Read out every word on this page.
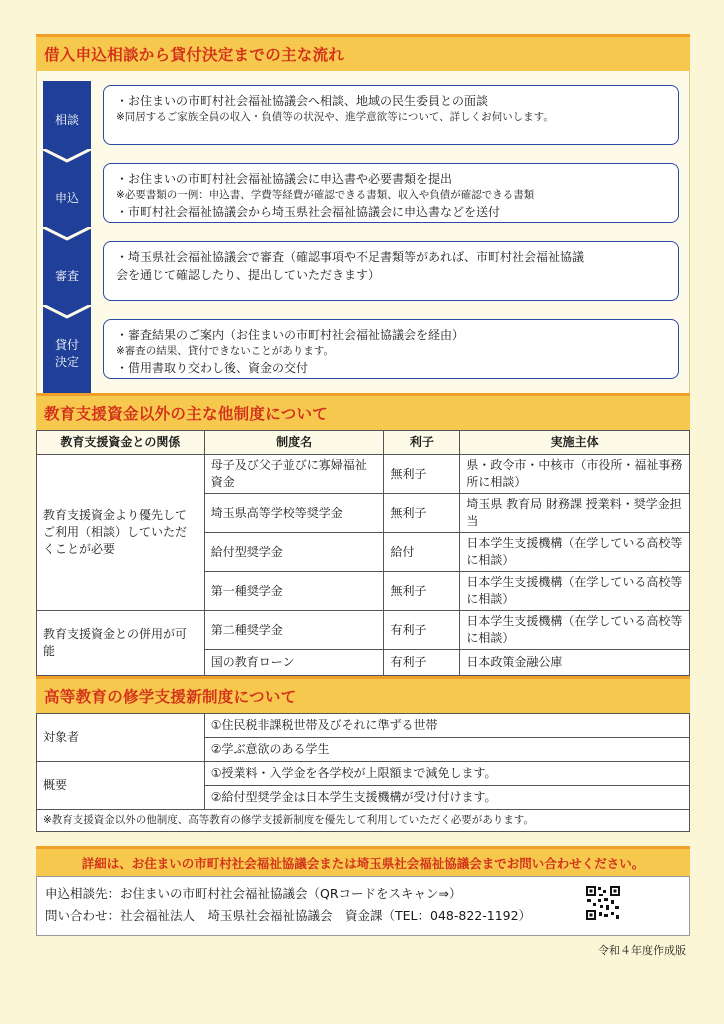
借入申込相談から貸付決定までの主な流れ
相談
・お住まいの市町村社会福祉協議会へ相談、地域の民生委員との面談
※同居するご家族全員の収入・負債等の状況や、進学意欲等について、詳しくお伺いします。
申込
・お住まいの市町村社会福祉協議会に申込書や必要書類を提出
※必要書類の一例：申込書、学費等経費が確認できる書類、収入や負債が確認できる書類
・市町村社会福祉協議会から埼玉県社会福祉協議会に申込書などを送付
審査
・埼玉県社会福祉協議会で審査（確認事項や不足書類等があれば、市町村社会福祉協議
会を通じて確認したり、提出していただきます）
貸付
決定
・審査結果のご案内（お住まいの市町村社会福祉協議会を経由）
※審査の結果、貸付できないことがあります。
・借用書取り交わし後、資金の交付
教育支援資金以外の主な他制度について
教育支援資金との関係	制度名	利子	実施主体
教育支援資金より優先してご利用（相談）していただくことが必要	母子及び父子並びに寡婦福祉資金	無利子	県・政令市・中核市（市役所・福祉事務所に相談）
	埼玉県高等学校等奨学金	無利子	埼玉県 教育局 財務課 授業料・奨学金担当
	給付型奨学金	給付	日本学生支援機構（在学している高校等に相談）
	第一種奨学金	無利子	日本学生支援機構（在学している高校等に相談）
教育支援資金との併用が可能	第二種奨学金	有利子	日本学生支援機構（在学している高校等に相談）
	国の教育ローン	有利子	日本政策金融公庫
高等教育の修学支援新制度について
対象者	①住民税非課税世帯及びそれに準ずる世帯
	②学ぶ意欲のある学生
概要	①授業料・入学金を各学校が上限額まで減免します。
	②給付型奨学金は日本学生支援機構が受け付けます。
※教育支援資金以外の他制度、高等教育の修学支援新制度を優先して利用していただく必要があります。
詳細は、お住まいの市町村社会福祉協議会または埼玉県社会福祉協議会までお問い合わせください。
申込相談先：お住まいの市町村社会福祉協議会（QRコードをスキャン⇒）
問い合わせ：社会福祉法人　埼玉県社会福祉協議会　資金課（TEL：048-822-1192）
令和４年度作成版
